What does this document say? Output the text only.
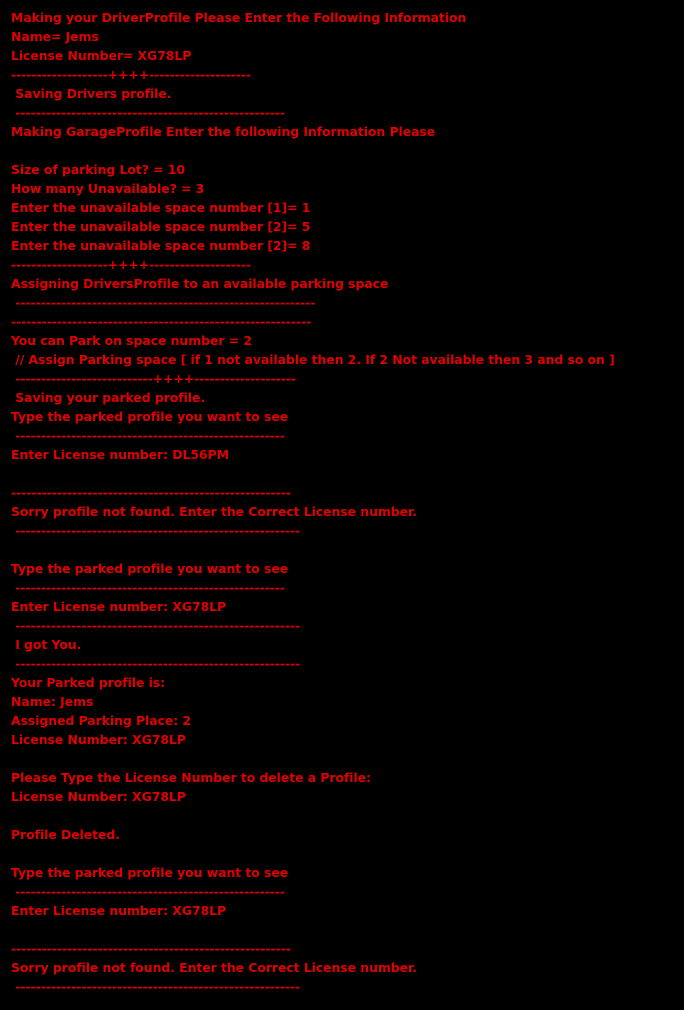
Making your DriverProfile Please Enter the Following Information
Name= Jems
License Number= XG78LP
-------------------++++--------------------
Saving Drivers profile.
-----------------------------------------------------
Making GarageProfile Enter the following Information Please
Size of parking Lot? = 10
How many Unavailable? = 3
Enter the unavailable space number [1]= 1
Enter the unavailable space number [2]= 5
Enter the unavailable space number [2]= 8
-------------------++++--------------------
Assigning DriversProfile to an available parking space
-----------------------------------------------------------
-----------------------------------------------------------
You can Park on space number = 2
// Assign Parking space [ if 1 not available then 2. If 2 Not available then 3 and so on ]
---------------------------++++--------------------
Saving your parked profile.
Type the parked profile you want to see
-----------------------------------------------------
Enter License number: DL56PM
-------------------------------------------------------
Sorry profile not found. Enter the Correct License number.
--------------------------------------------------------
Type the parked profile you want to see
-----------------------------------------------------
Enter License number: XG78LP
--------------------------------------------------------
I got You.
--------------------------------------------------------
Your Parked profile is:
Name: Jems
Assigned Parking Place: 2
License Number: XG78LP
Please Type the License Number to delete a Profile:
License Number: XG78LP
Profile Deleted.
Type the parked profile you want to see
-----------------------------------------------------
Enter License number: XG78LP
-------------------------------------------------------
Sorry profile not found. Enter the Correct License number.
--------------------------------------------------------
